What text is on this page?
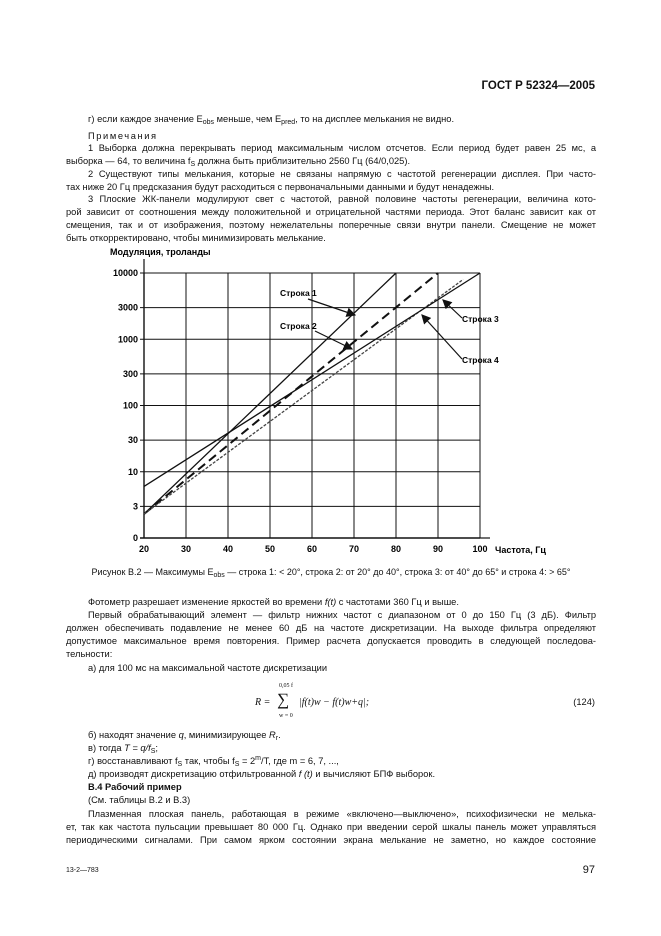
ГОСТ Р 52324—2005
г) если каждое значение $E_{obs}$ меньше, чем $E_{pred}$, то на дисплее мелькания не видно.
Примечания
1 Выборка должна перекрывать период максимальным числом отсчетов. Если период будет равен 25 мс, а
выборка — 64, то величина $f_S$ должна быть приблизительно 2560 Гц (64/0,025).
2 Существуют типы мелькания, которые не связаны напрямую с частотой регенерации дисплея. При часто-
тах ниже 20 Гц предсказания будут расходиться с первоначальными данными и будут ненадежны.
3 Плоские ЖК-панели модулируют свет с частотой, равной половине частоты регенерации, величина кото-
рой зависит от соотношения между положительной и отрицательной частями периода. Этот баланс зависит как от
смещения, так и от изображения, поэтому нежелательны поперечные связи внутри панели. Смещение не может
быть откорректировано, чтобы минимизировать мелькание.
20	30	40	50	60	70	80	90	100
0
3
10
30
100
300
1000
3000
10000
Модуляция, троланды
Частота, Гц
Строка 1
Строка 2
Строка 3
Строка 4
Рисунок В.2 — Максимумы $E_{obs}$ — строка 1: < 20°, строка 2: от 20° до 40°, строка 3: от 40° до 65° и строка 4: > 65°
Фотометр разрешает изменение яркостей во времени f(t) с частотами 360 Гц и выше.
Первый обрабатывающий элемент — фильтр нижних частот с диапазоном от 0 до 150 Гц (3 дБ). Фильтр
должен обеспечивать подавление не менее 60 дБ на частоте дискретизации. На выходе фильтра определяют
допустимое максимальное время повторения. Пример расчета допускается проводить в следующей последова-
тельности:
а) для 100 мс на максимальной частоте дискретизации
R =
0,05 f
∑
w = 0
|f(t)w − f(t)w+q|;	(124)
б) находят значение q, минимизирующее $R_r$.
в) тогда $T = q/f_S$;
г) восстанавливают $f_S$ так, чтобы $f_S = 2^m/T$, где m = 6, 7, ...,
д) производят дискретизацию отфильтрованной f (t) и вычисляют БПФ выборок.
В.4 Рабочий пример
(См. таблицы В.2 и В.3)
Плазменная плоская панель, работающая в режиме «включено—выключено», психофизически не мелькa-
ет, так как частота пульсации превышает 80 000 Гц. Однако при введении серой шкалы панель может управляться
периодическими сигналами. При самом ярком состоянии экрана мелькание не заметно, но каждое состояние
13-2—783	97
